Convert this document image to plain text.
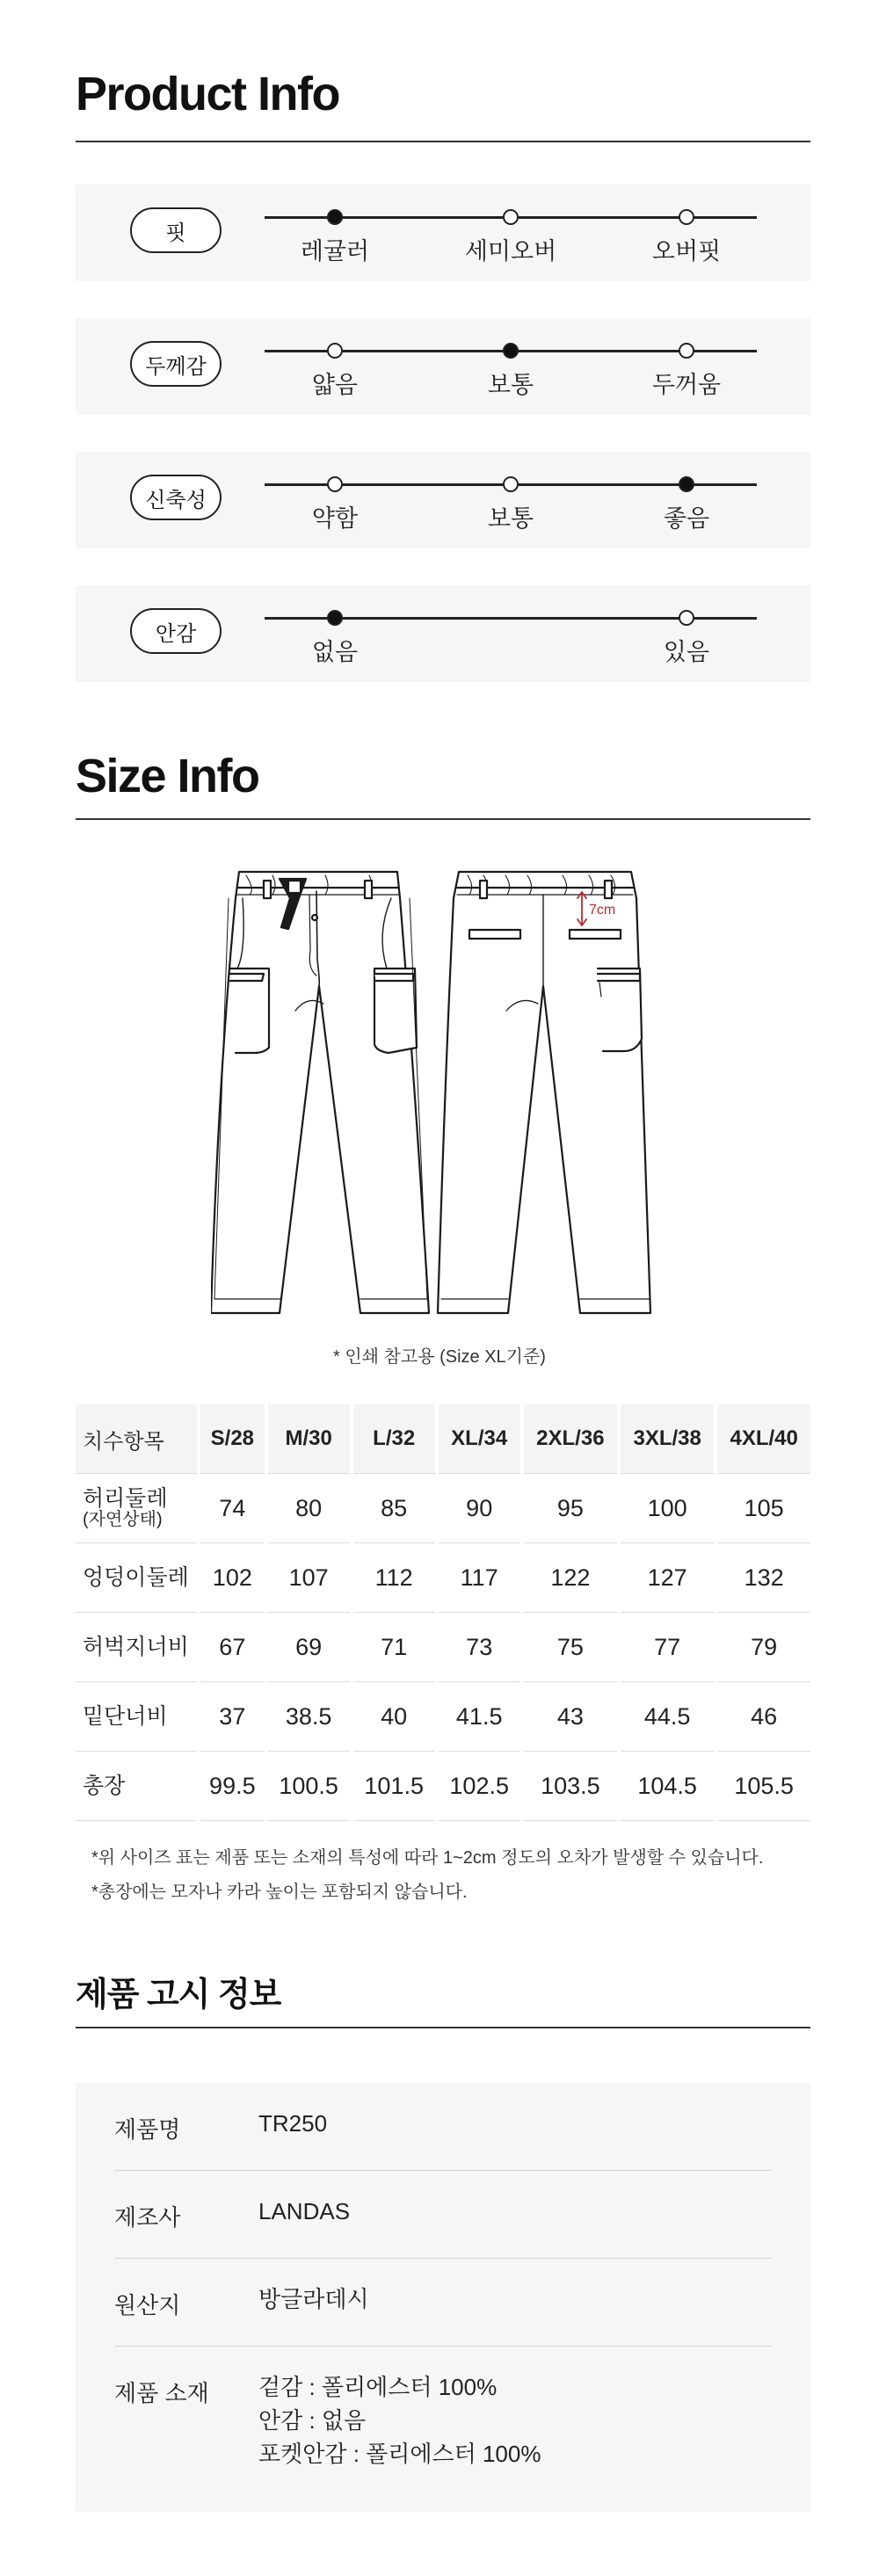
Product Info
핏
레귤러	세미오버	오버핏
두께감
얇음	보통	두꺼움
신축성
약함	보통	좋음
안감
없음	있음
Size Info
7cm
* 인쇄 참고용 (Size XL기준)
치수항목	S/28	M/30	L/32	XL/34	2XL/36	3XL/38	4XL/40
허리둘레
(자연상태)	74	80	85	90	95	100	105
엉덩이둘레	102	107	112	117	122	127	132
허벅지너비	67	69	71	73	75	77	79
밑단너비	37	38.5	40	41.5	43	44.5	46
총장	99.5	100.5	101.5	102.5	103.5	104.5	105.5
*위 사이즈 표는 제품 또는 소재의 특성에 따라 1~2cm 정도의 오차가 발생할 수 있습니다.
*총장에는 모자나 카라 높이는 포함되지 않습니다.
제품 고시 정보
제품명	TR250
제조사	LANDAS
원산지	방글라데시
제품 소재 겉감 : 폴리에스터 100%
안감 : 없음
포켓안감 : 폴리에스터 100%
